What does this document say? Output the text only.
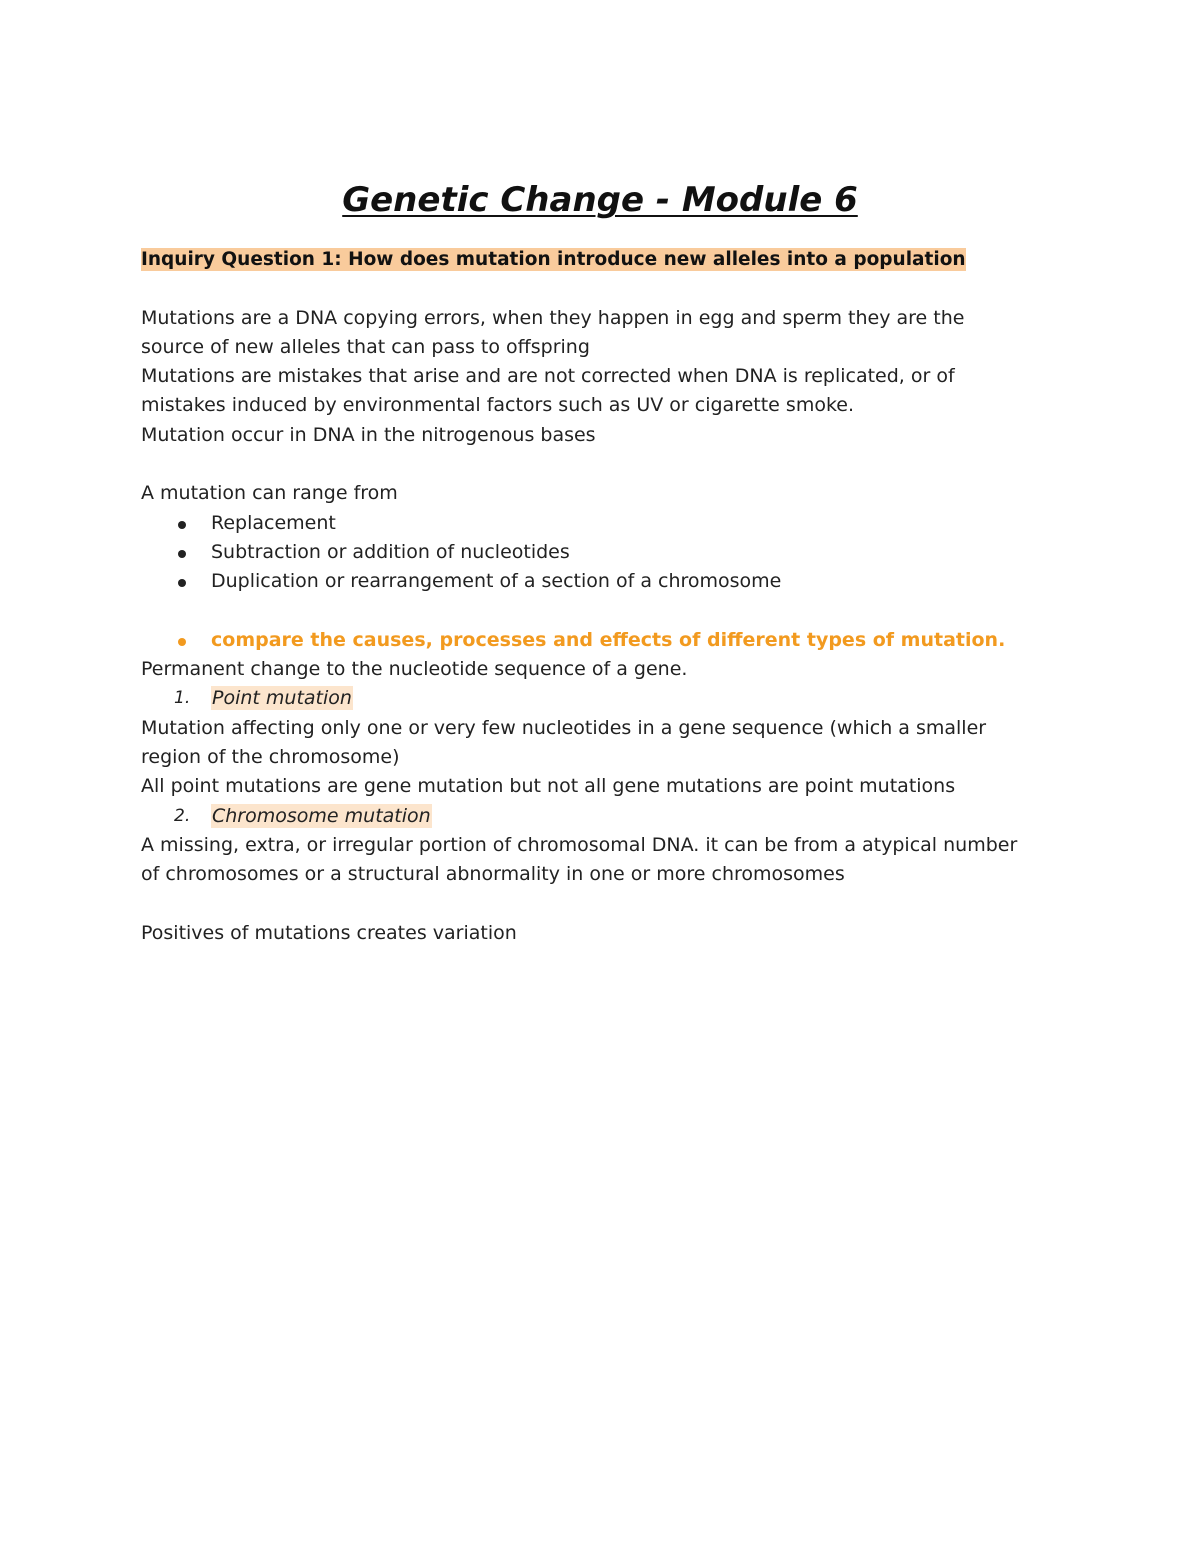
Genetic Change - Module 6
Inquiry Question 1: How does mutation introduce new alleles into a population
Mutations are a DNA copying errors, when they happen in egg and sperm they are the
source of new alleles that can pass to offspring
Mutations are mistakes that arise and are not corrected when DNA is replicated, or of
mistakes induced by environmental factors such as UV or cigarette smoke.
Mutation occur in DNA in the nitrogenous bases
A mutation can range from
Replacement
Subtraction or addition of nucleotides
Duplication or rearrangement of a section of a chromosome
compare the causes, processes and effects of different types of mutation.
Permanent change to the nucleotide sequence of a gene.
1. Point mutation
Mutation affecting only one or very few nucleotides in a gene sequence (which a smaller
region of the chromosome)
All point mutations are gene mutation but not all gene mutations are point mutations
2. Chromosome mutation
A missing, extra, or irregular portion of chromosomal DNA. it can be from a atypical number
of chromosomes or a structural abnormality in one or more chromosomes
Positives of mutations creates variation
